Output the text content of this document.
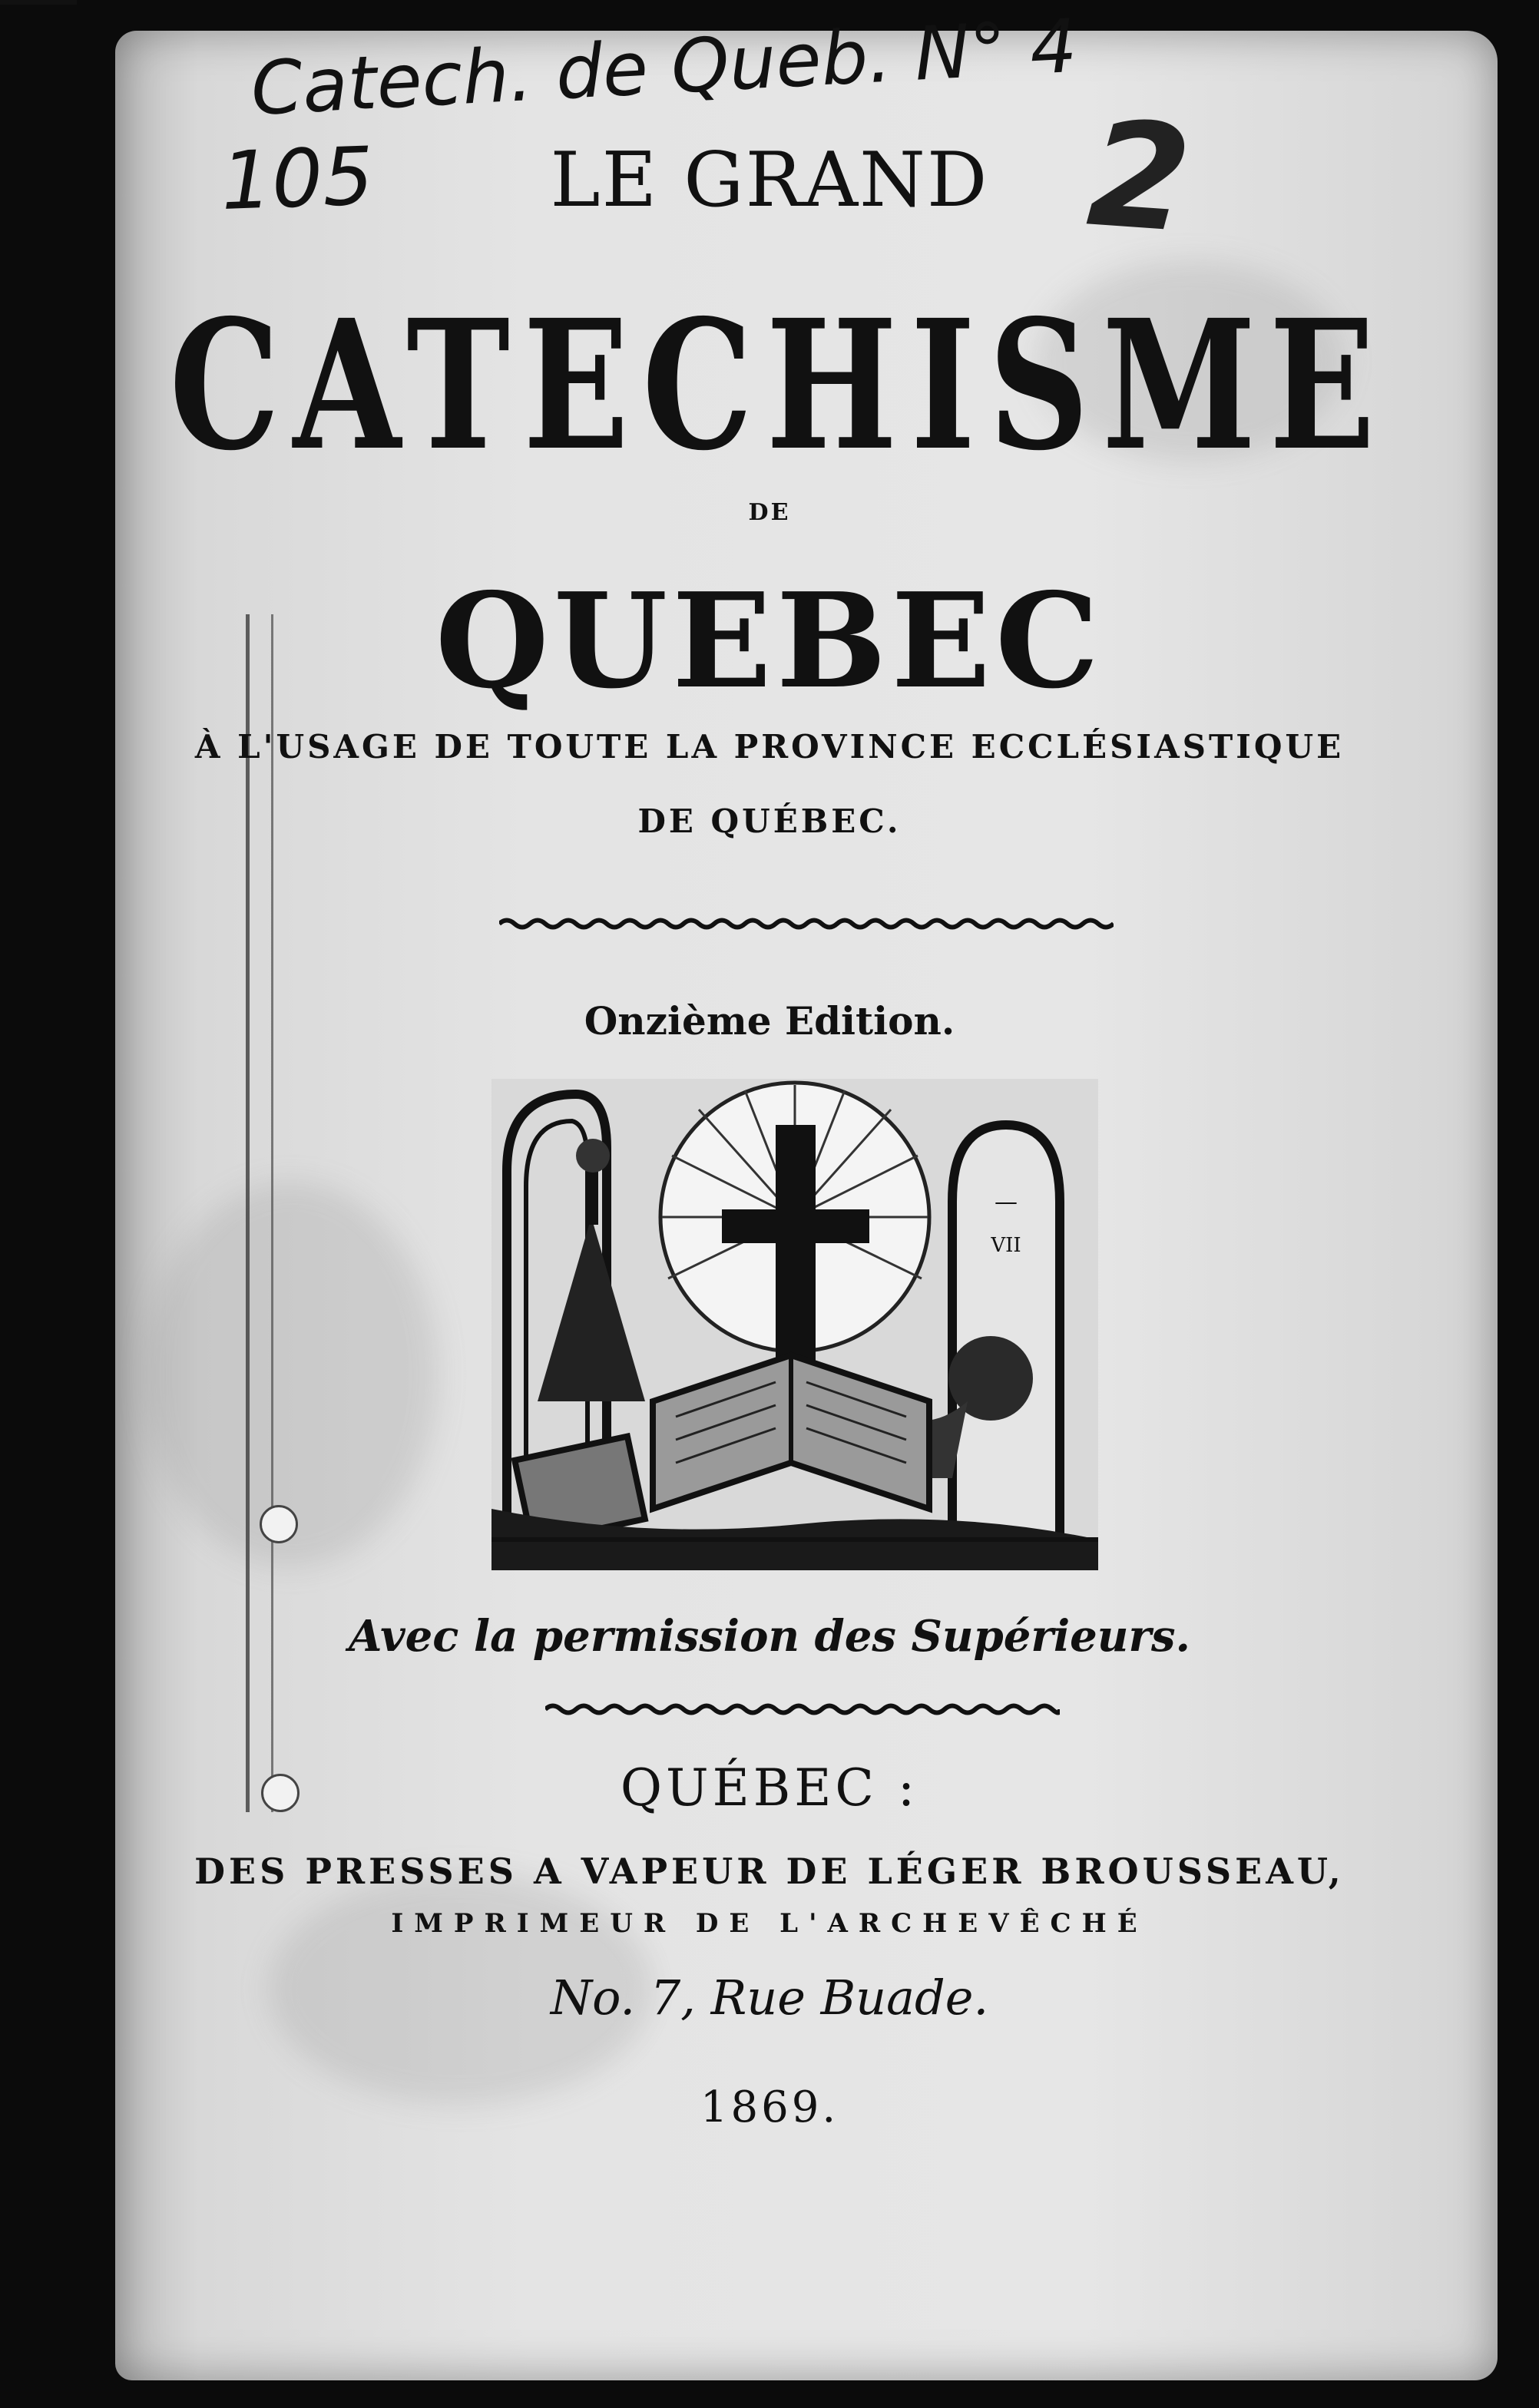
Catech. de Queb. N° 4
105	2
LE GRAND
CATECHISME
DE
QUEBEC
À L'USAGE DE TOUTE LA PROVINCE ECCLÉSIASTIQUE
DE QUÉBEC.
Onzième Edition.
—
VII
Avec la permission des Supérieurs.
QUÉBEC :
DES PRESSES A VAPEUR DE LÉGER BROUSSEAU,
IMPRIMEUR DE L'ARCHEVÊCHÉ
No. 7, Rue Buade.
1869.
